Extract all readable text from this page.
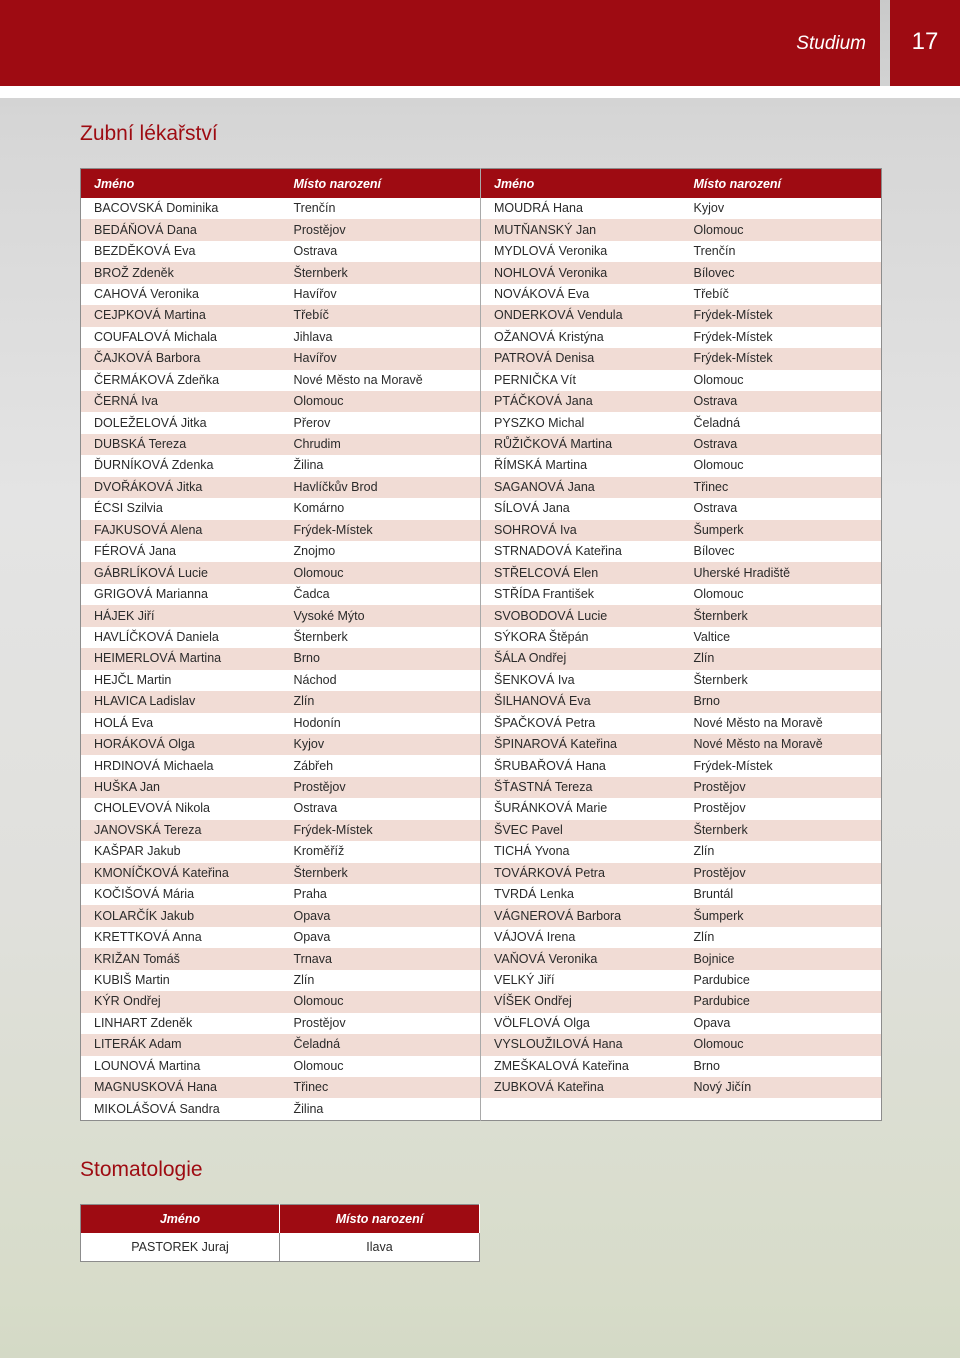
Studium	17
Zubní lékařství
Jméno	Místo narození	Jméno	Místo narození
BACOVSKÁ Dominika	Trenčín	MOUDRÁ Hana	Kyjov
BEDÁŇOVÁ Dana	Prostějov	MUTŇANSKÝ Jan	Olomouc
BEZDĚKOVÁ Eva	Ostrava	MYDLOVÁ Veronika	Trenčín
BROŽ Zdeněk	Šternberk	NOHLOVÁ Veronika	Bílovec
CAHOVÁ Veronika	Havířov	NOVÁKOVÁ Eva	Třebíč
CEJPKOVÁ Martina	Třebíč	ONDERKOVÁ Vendula	Frýdek-Místek
COUFALOVÁ Michala	Jihlava	OŽANOVÁ Kristýna	Frýdek-Místek
ČAJKOVÁ Barbora	Havířov	PATROVÁ Denisa	Frýdek-Místek
ČERMÁKOVÁ Zdeňka	Nové Město na Moravě	PERNIČKA Vít	Olomouc
ČERNÁ Iva	Olomouc	PTÁČKOVÁ Jana	Ostrava
DOLEŽELOVÁ Jitka	Přerov	PYSZKO Michal	Čeladná
DUBSKÁ Tereza	Chrudim	RŮŽIČKOVÁ Martina	Ostrava
ĎURNÍKOVÁ Zdenka	Žilina	ŘÍMSKÁ Martina	Olomouc
DVOŘÁKOVÁ Jitka	Havlíčkův Brod	SAGANOVÁ Jana	Třinec
ÉCSI Szilvia	Komárno	SÍLOVÁ Jana	Ostrava
FAJKUSOVÁ Alena	Frýdek-Místek	SOHROVÁ Iva	Šumperk
FÉROVÁ Jana	Znojmo	STRNADOVÁ Kateřina	Bílovec
GÁBRLÍKOVÁ Lucie	Olomouc	STŘELCOVÁ Elen	Uherské Hradiště
GRIGOVÁ Marianna	Čadca	STŘÍDA František	Olomouc
HÁJEK Jiří	Vysoké Mýto	SVOBODOVÁ Lucie	Šternberk
HAVLÍČKOVÁ Daniela	Šternberk	SÝKORA Štěpán	Valtice
HEIMERLOVÁ Martina	Brno	ŠÁLA Ondřej	Zlín
HEJČL Martin	Náchod	ŠENKOVÁ Iva	Šternberk
HLAVICA Ladislav	Zlín	ŠILHANOVÁ Eva	Brno
HOLÁ Eva	Hodonín	ŠPAČKOVÁ Petra	Nové Město na Moravě
HORÁKOVÁ Olga	Kyjov	ŠPINAROVÁ Kateřina	Nové Město na Moravě
HRDINOVÁ Michaela	Zábřeh	ŠRUBAŘOVÁ Hana	Frýdek-Místek
HUŠKA Jan	Prostějov	ŠŤASTNÁ Tereza	Prostějov
CHOLEVOVÁ Nikola	Ostrava	ŠURÁNKOVÁ Marie	Prostějov
JANOVSKÁ Tereza	Frýdek-Místek	ŠVEC Pavel	Šternberk
KAŠPAR Jakub	Kroměříž	TICHÁ Yvona	Zlín
KMONÍČKOVÁ Kateřina	Šternberk	TOVÁRKOVÁ Petra	Prostějov
KOČIŠOVÁ Mária	Praha	TVRDÁ Lenka	Bruntál
KOLARČÍK Jakub	Opava	VÁGNEROVÁ Barbora	Šumperk
KRETTKOVÁ Anna	Opava	VÁJOVÁ Irena	Zlín
KRIŽAN Tomáš	Trnava	VAŇOVÁ Veronika	Bojnice
KUBIŠ Martin	Zlín	VELKÝ Jiří	Pardubice
KÝR Ondřej	Olomouc	VÍŠEK Ondřej	Pardubice
LINHART Zdeněk	Prostějov	VÖLFLOVÁ Olga	Opava
LITERÁK Adam	Čeladná	VYSLOUŽILOVÁ Hana	Olomouc
LOUNOVÁ Martina	Olomouc	ZMEŠKALOVÁ Kateřina	Brno
MAGNUSKOVÁ Hana	Třinec	ZUBKOVÁ Kateřina	Nový Jičín
MIKOLÁŠOVÁ Sandra	Žilina		
Stomatologie
Jméno	Místo narození
PASTOREK Juraj	Ilava
